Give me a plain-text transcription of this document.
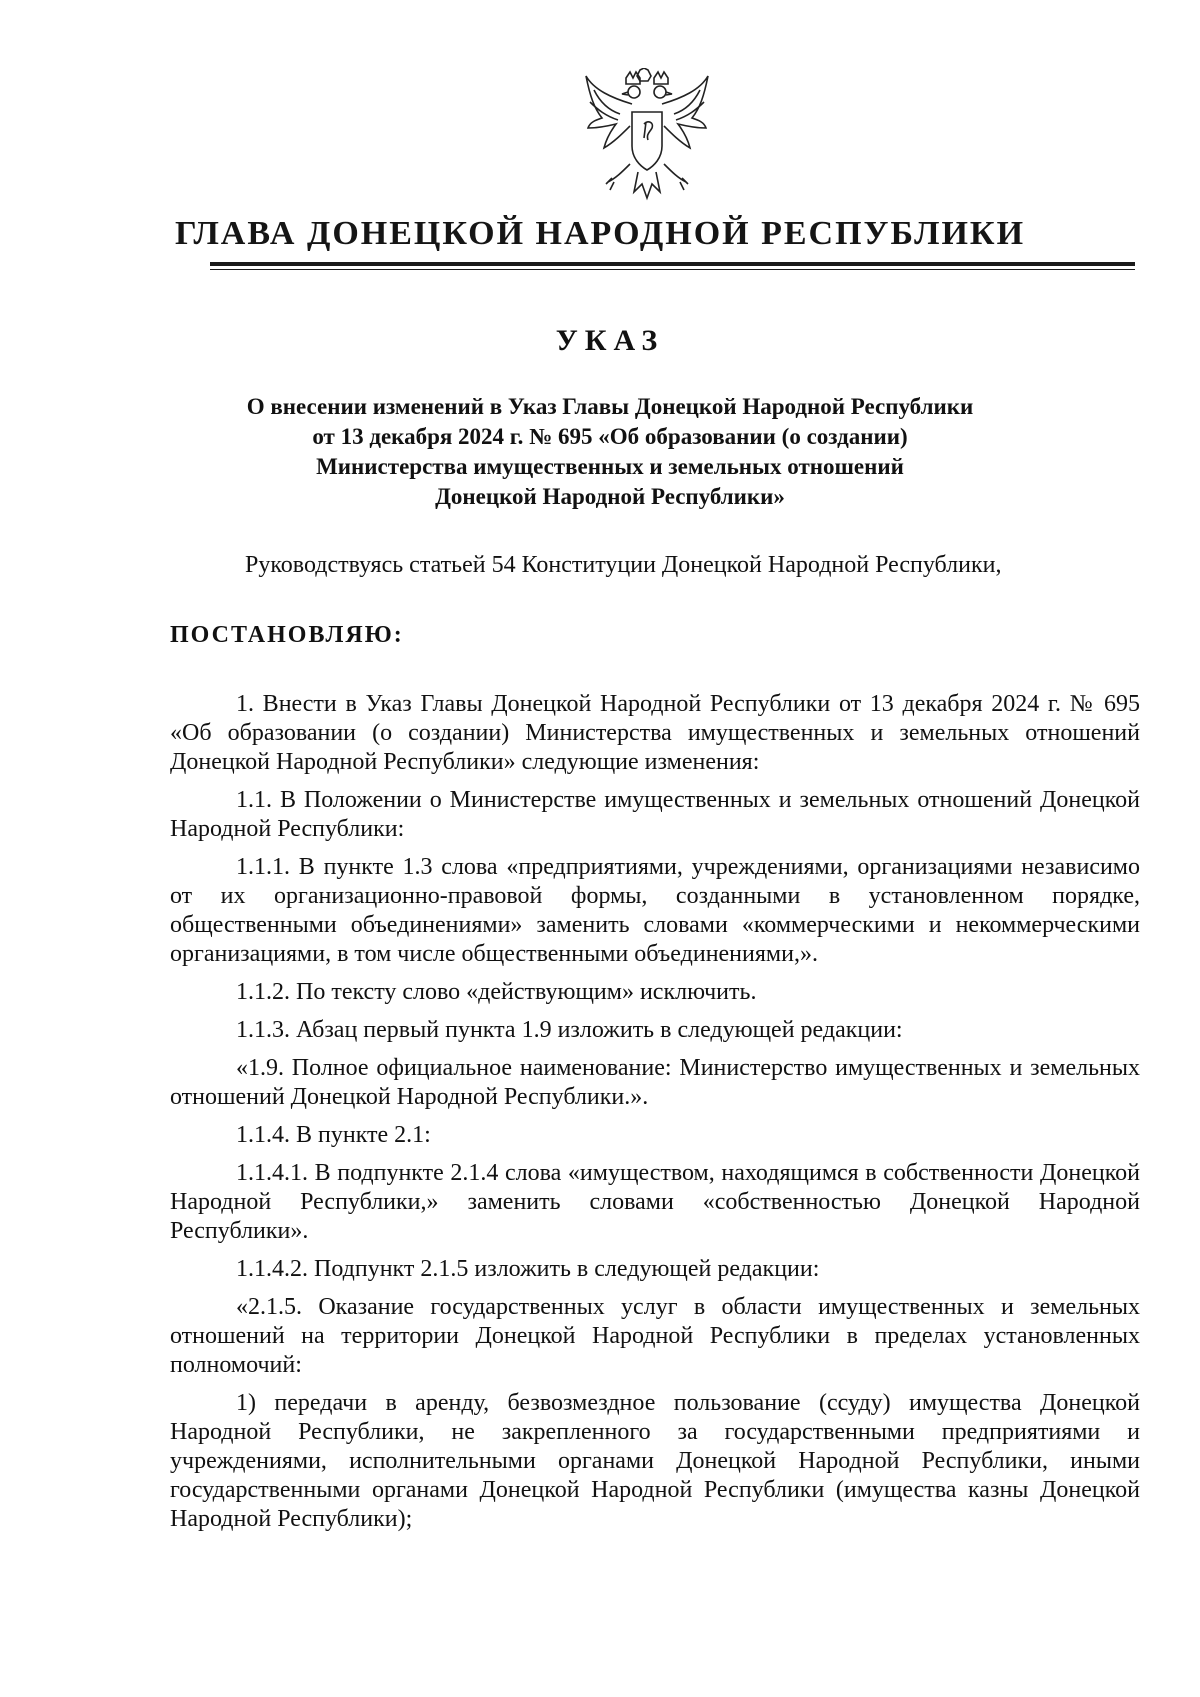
ГЛАВА ДОНЕЦКОЙ НАРОДНОЙ РЕСПУБЛИКИ
УКАЗ
О внесении изменений в Указ Главы Донецкой Народной Республики
от 13 декабря 2024 г. № 695 «Об образовании (о создании)
Министерства имущественных и земельных отношений
Донецкой Народной Республики»
Руководствуясь статьей 54 Конституции Донецкой Народной Республики,
ПОСТАНОВЛЯЮ:

1. Внести в Указ Главы Донецкой Народной Республики от 13 декабря 2024 г. № 695 «Об образовании (о создании) Министерства имущественных и земельных отношений Донецкой Народной Республики» следующие изменения:

1.1. В Положении о Министерстве имущественных и земельных отношений Донецкой Народной Республики:

1.1.1. В пункте 1.3 слова «предприятиями, учреждениями, организациями независимо от их организационно-правовой формы, созданными в установленном порядке, общественными объединениями» заменить словами «коммерческими и некоммерческими организациями, в том числе общественными объединениями,».

1.1.2. По тексту слово «действующим» исключить.

1.1.3. Абзац первый пункта 1.9 изложить в следующей редакции:

«1.9. Полное официальное наименование: Министерство имущественных и земельных отношений Донецкой Народной Республики.».

1.1.4. В пункте 2.1:

1.1.4.1. В подпункте 2.1.4 слова «имуществом, находящимся в собственности Донецкой Народной Республики,» заменить словами «собственностью Донецкой Народной Республики».

1.1.4.2. Подпункт 2.1.5 изложить в следующей редакции:

«2.1.5. Оказание государственных услуг в области имущественных и земельных отношений на территории Донецкой Народной Республики в пределах установленных полномочий:

1) передачи в аренду, безвозмездное пользование (ссуду) имущества Донецкой Народной Республики, не закрепленного за государственными предприятиями и учреждениями, исполнительными органами Донецкой Народной Республики, иными государственными органами Донецкой Народной Республики (имущества казны Донецкой Народной Республики);
